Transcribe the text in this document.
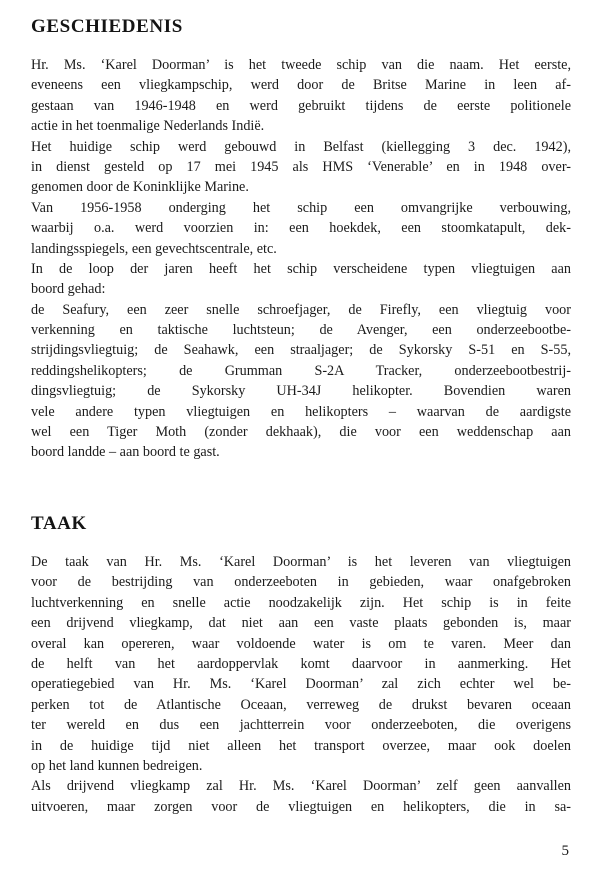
GESCHIEDENIS
Hr. Ms. ‘Karel Doorman’ is het tweede schip van die naam. Het eerste,
eveneens een vliegkampschip, werd door de Britse Marine in leen af-
gestaan van 1946-1948 en werd gebruikt tijdens de eerste politionele
actie in het toenmalige Nederlands Indië.
Het huidige schip werd gebouwd in Belfast (kiellegging 3 dec. 1942),
in dienst gesteld op 17 mei 1945 als HMS ‘Venerable’ en in 1948 over-
genomen door de Koninklijke Marine.
Van 1956-1958 onderging het schip een omvangrijke verbouwing,
waarbij o.a. werd voorzien in: een hoekdek, een stoomkatapult, dek-
landingsspiegels, een gevechtscentrale, etc.
In de loop der jaren heeft het schip verscheidene typen vliegtuigen aan
boord gehad:
de Seafury, een zeer snelle schroefjager, de Firefly, een vliegtuig voor
verkenning en taktische luchtsteun; de Avenger, een onderzeebootbe-
strijdingsvliegtuig; de Seahawk, een straaljager; de Sykorsky S-51 en S-55,
reddingshelikopters; de Grumman S-2A Tracker, onderzeebootbestrij-
dingsvliegtuig; de Sykorsky UH-34J helikopter. Bovendien waren
vele andere typen vliegtuigen en helikopters – waarvan de aardigste
wel een Tiger Moth (zonder dekhaak), die voor een weddenschap aan
boord landde – aan boord te gast.
TAAK
De taak van Hr. Ms. ‘Karel Doorman’ is het leveren van vliegtuigen
voor de bestrijding van onderzeeboten in gebieden, waar onafgebroken
luchtverkenning en snelle actie noodzakelijk zijn. Het schip is in feite
een drijvend vliegkamp, dat niet aan een vaste plaats gebonden is, maar
overal kan opereren, waar voldoende water is om te varen. Meer dan
de helft van het aardoppervlak komt daarvoor in aanmerking. Het
operatiegebied van Hr. Ms. ‘Karel Doorman’ zal zich echter wel be-
perken tot de Atlantische Oceaan, verreweg de drukst bevaren oceaan
ter wereld en dus een jachtterrein voor onderzeeboten, die overigens
in de huidige tijd niet alleen het transport overzee, maar ook doelen
op het land kunnen bedreigen.
Als drijvend vliegkamp zal Hr. Ms. ‘Karel Doorman’ zelf geen aanvallen
uitvoeren, maar zorgen voor de vliegtuigen en helikopters, die in sa-
5
